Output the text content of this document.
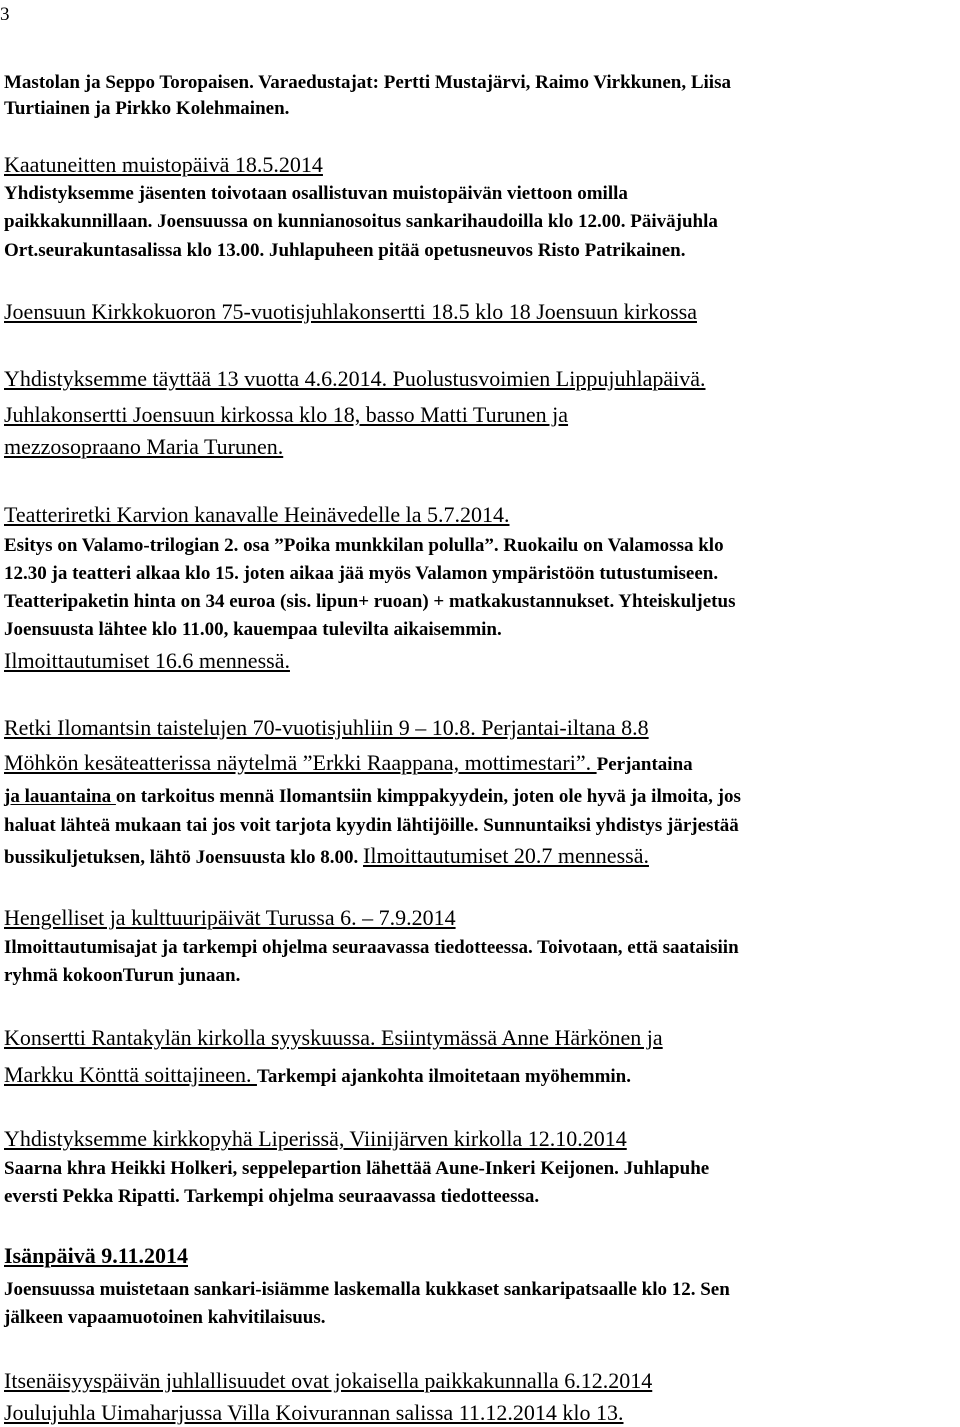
3
Mastolan ja Seppo Toropaisen. Varaedustajat: Pertti Mustajärvi, Raimo Virkkunen, Liisa
Turtiainen ja Pirkko Kolehmainen.
Kaatuneitten muistopäivä 18.5.2014
Yhdistyksemme jäsenten toivotaan osallistuvan muistopäivän viettoon omilla
paikkakunnillaan. Joensuussa on kunnianosoitus sankarihaudoilla klo 12.00. Päiväjuhla
Ort.seurakuntasalissa klo 13.00. Juhlapuheen pitää opetusneuvos Risto Patrikainen.
Joensuun Kirkkokuoron 75-vuotisjuhlakonsertti 18.5 klo 18 Joensuun kirkossa
Yhdistyksemme täyttää 13 vuotta 4.6.2014. Puolustusvoimien Lippujuhlapäivä.
Juhlakonsertti Joensuun kirkossa klo 18, basso Matti Turunen ja
mezzosopraano Maria Turunen.
Teatteriretki Karvion kanavalle Heinävedelle la 5.7.2014.
Esitys on Valamo-trilogian 2. osa ”Poika munkkilan polulla”. Ruokailu on Valamossa klo
12.30 ja teatteri alkaa klo 15. joten aikaa jää myös Valamon ympäristöön tutustumiseen.
Teatteripaketin hinta on 34 euroa (sis. lipun+ ruoan) + matkakustannukset. Yhteiskuljetus
Joensuusta lähtee klo 11.00, kauempaa tulevilta aikaisemmin.
Ilmoittautumiset 16.6 mennessä.
Retki Ilomantsin taistelujen 70-vuotisjuhliin 9 – 10.8. Perjantai-iltana 8.8
Möhkön kesäteatterissa näytelmä ”Erkki Raappana, mottimestari”. Perjantaina
ja lauantaina on tarkoitus mennä Ilomantsiin kimppakyydein, joten ole hyvä ja ilmoita, jos
haluat lähteä mukaan tai jos voit tarjota kyydin lähtijöille. Sunnuntaiksi yhdistys järjestää
bussikuljetuksen, lähtö Joensuusta klo 8.00. Ilmoittautumiset 20.7 mennessä.
Hengelliset ja kulttuuripäivät Turussa 6. – 7.9.2014
Ilmoittautumisajat ja tarkempi ohjelma seuraavassa tiedotteessa. Toivotaan, että saataisiin
ryhmä kokoonTurun junaan.
Konsertti Rantakylän kirkolla syyskuussa. Esiintymässä Anne Härkönen ja
Markku Könttä soittajineen. Tarkempi ajankohta ilmoitetaan myöhemmin.
Yhdistyksemme kirkkopyhä Liperissä, Viinijärven kirkolla 12.10.2014
Saarna khra Heikki Holkeri, seppelepartion lähettää Aune-Inkeri Keijonen. Juhlapuhe
eversti Pekka Ripatti. Tarkempi ohjelma seuraavassa tiedotteessa.
Isänpäivä 9.11.2014
Joensuussa muistetaan sankari-isiämme laskemalla kukkaset sankaripatsaalle klo 12. Sen
jälkeen vapaamuotoinen kahvitilaisuus.
Itsenäisyyspäivän juhlallisuudet ovat jokaisella paikkakunnalla 6.12.2014
Joulujuhla Uimaharjussa Villa Koivurannan salissa 11.12.2014 klo 13.
